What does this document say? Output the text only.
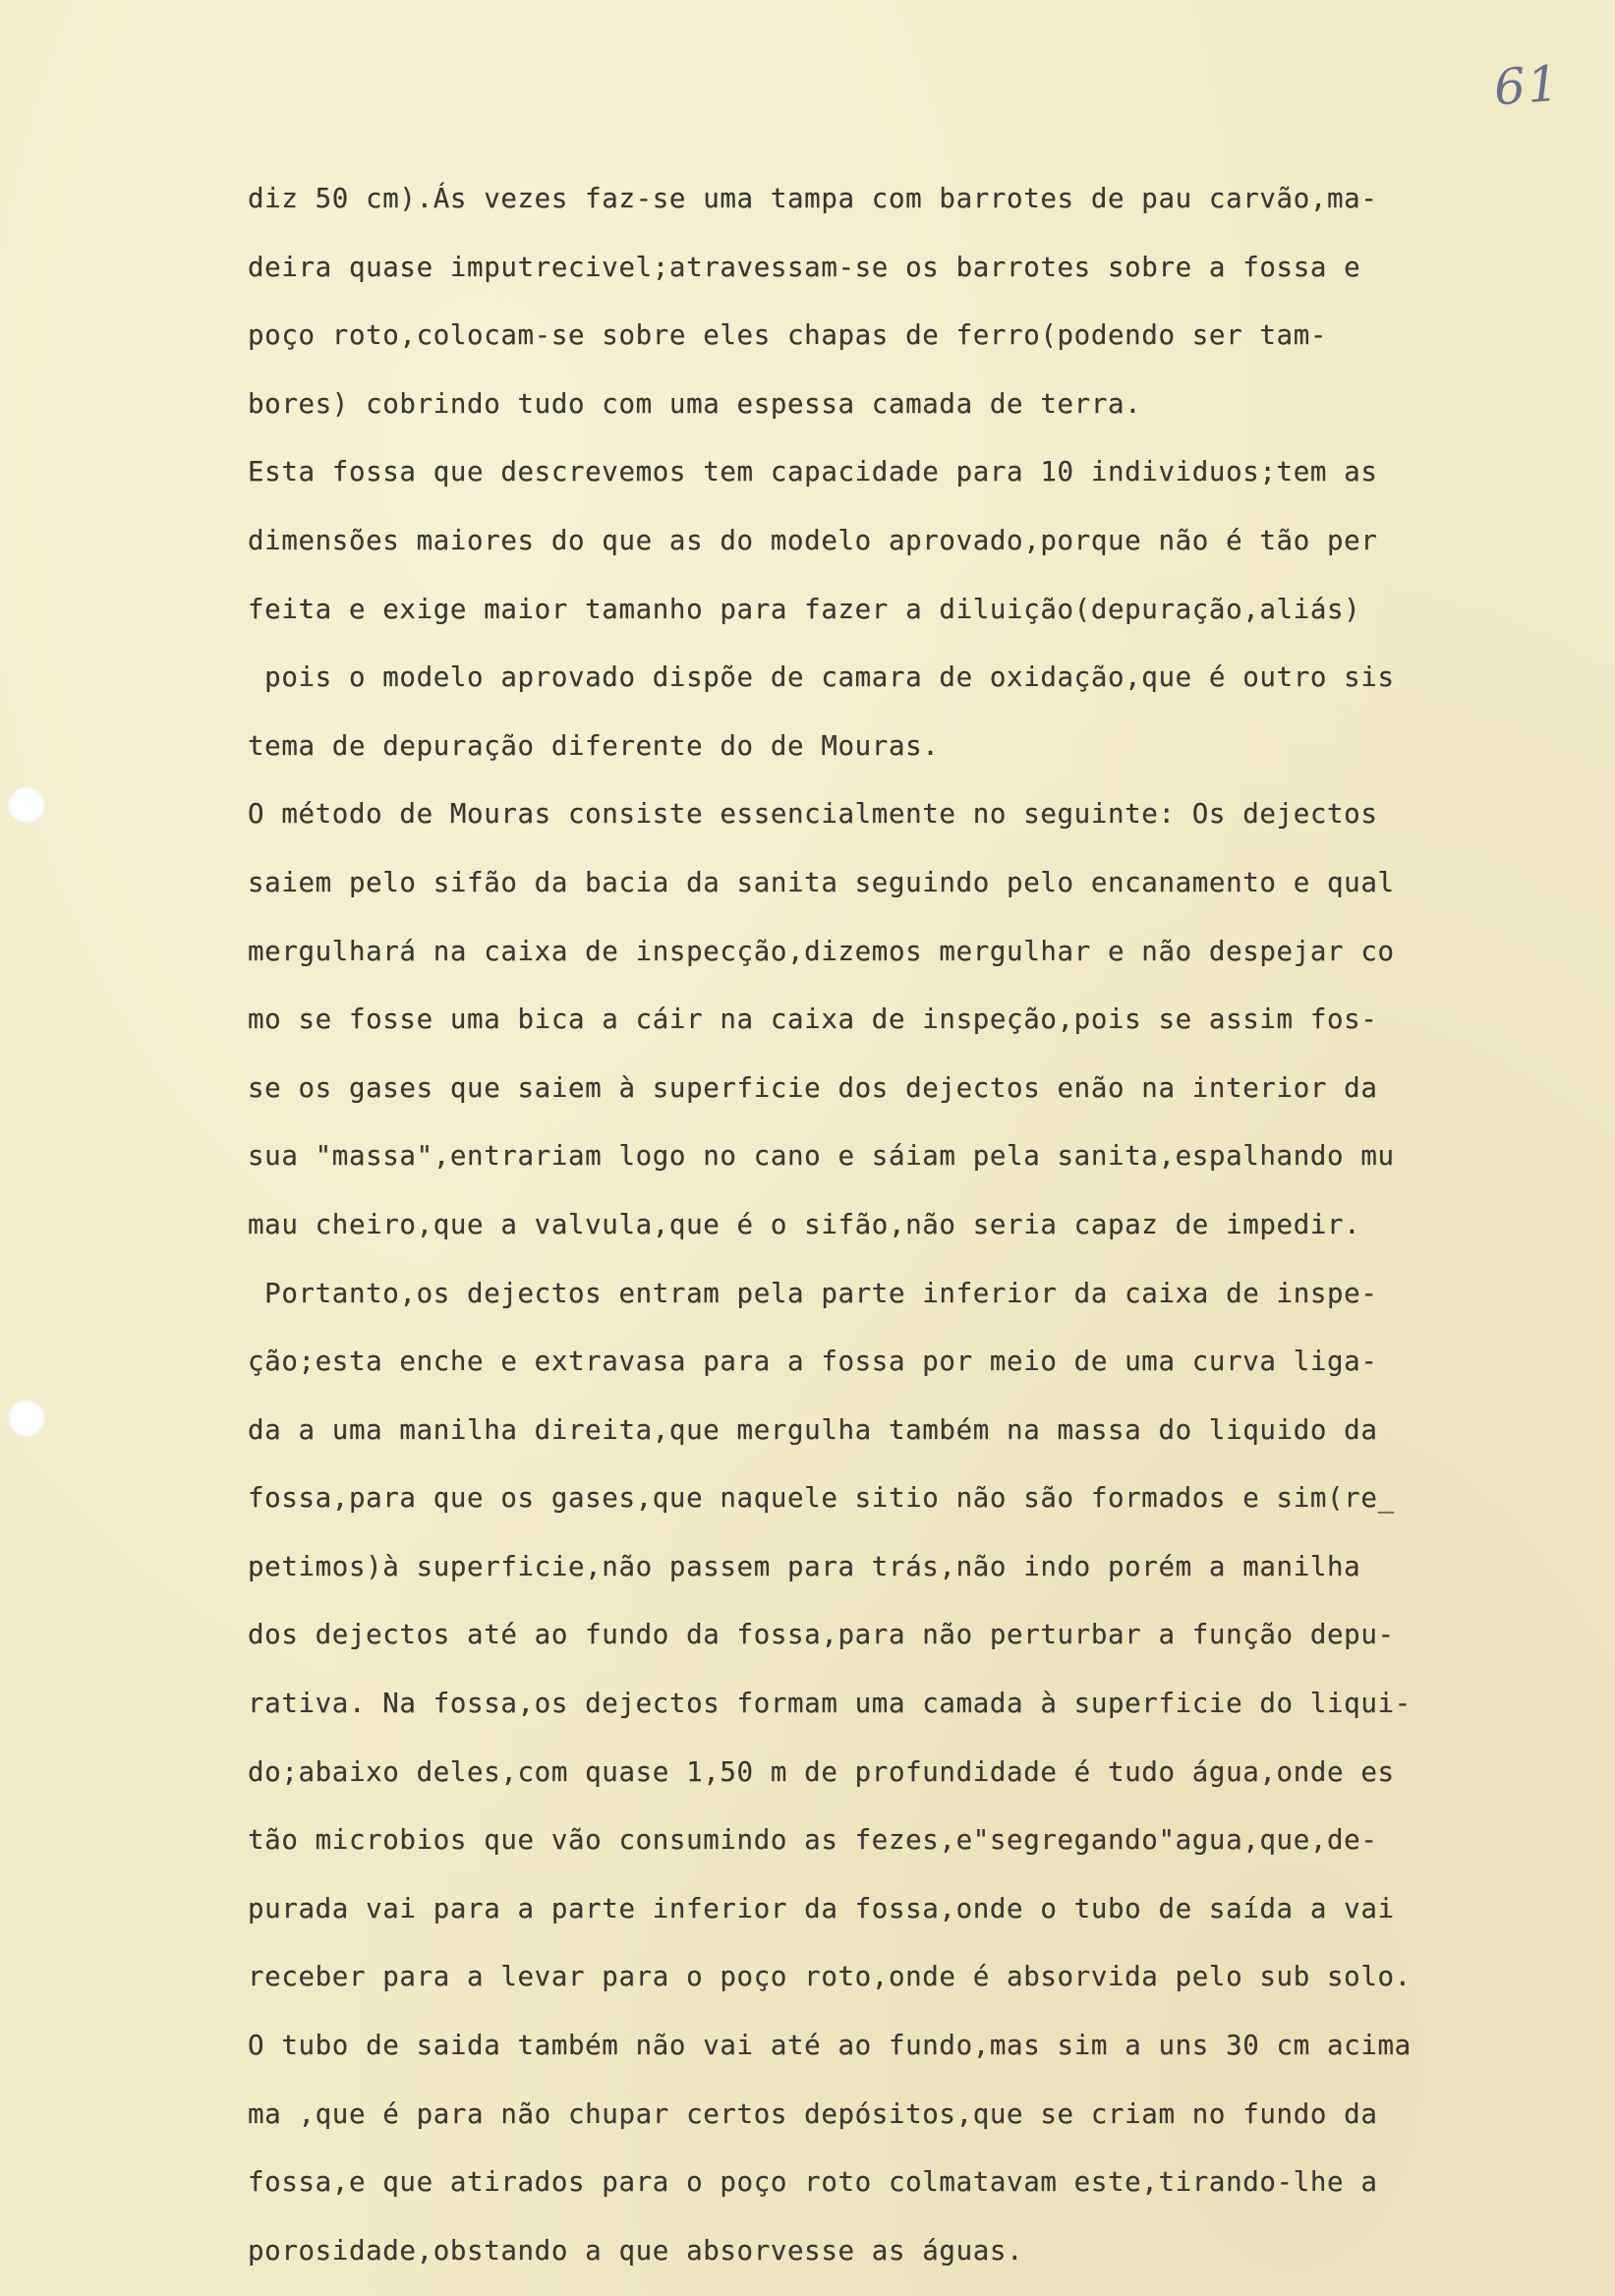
61
diz 50 cm).Ás vezes faz-se uma tampa com barrotes de pau carvão,ma-
deira quase imputrecivel;atravessam-se os barrotes sobre a fossa e
poço roto,colocam-se sobre eles chapas de ferro(podendo ser tam-
bores) cobrindo tudo com uma espessa camada de terra.
Esta fossa que descrevemos tem capacidade para 10 individuos;tem as
dimensões maiores do que as do modelo aprovado,porque não é tão per
feita e exige maior tamanho para fazer a diluição(depuração,aliás)
pois o modelo aprovado dispõe de camara de oxidação,que é outro sis
tema de depuração diferente do de Mouras.
O método de Mouras consiste essencialmente no seguinte: Os dejectos
saiem pelo sifão da bacia da sanita seguindo pelo encanamento e qual
mergulhará na caixa de inspecção,dizemos mergulhar e não despejar co
mo se fosse uma bica a cáir na caixa de inspeção,pois se assim fos-
se os gases que saiem à superficie dos dejectos enão na interior da
sua "massa",entrariam logo no cano e sáiam pela sanita,espalhando mu
mau cheiro,que a valvula,que é o sifão,não seria capaz de impedir.
Portanto,os dejectos entram pela parte inferior da caixa de inspe-
ção;esta enche e extravasa para a fossa por meio de uma curva liga-
da a uma manilha direita,que mergulha também na massa do liquido da
fossa,para que os gases,que naquele sitio não são formados e sim(re_
petimos)à superficie,não passem para trás,não indo porém a manilha
dos dejectos até ao fundo da fossa,para não perturbar a função depu-
rativa. Na fossa,os dejectos formam uma camada à superficie do liqui-
do;abaixo deles,com quase 1,50 m de profundidade é tudo água,onde es
tão microbios que vão consumindo as fezes,e"segregando"agua,que,de-
purada vai para a parte inferior da fossa,onde o tubo de saída a vai
receber para a levar para o poço roto,onde é absorvida pelo sub solo.
O tubo de saida também não vai até ao fundo,mas sim a uns 30 cm acima
ma ,que é para não chupar certos depósitos,que se criam no fundo da
fossa,e que atirados para o poço roto colmatavam este,tirando-lhe a
porosidade,obstando a que absorvesse as águas.
